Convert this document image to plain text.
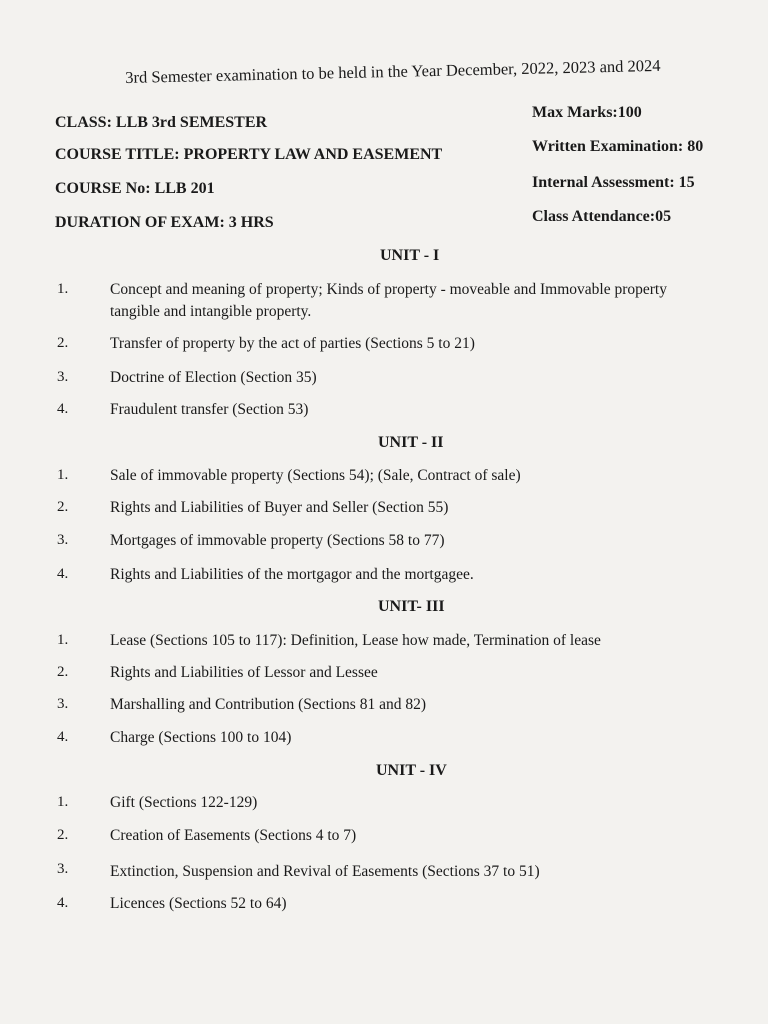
3rd Semester examination to be held in the Year December, 2022, 2023 and 2024
CLASS: LLB 3rd SEMESTER
COURSE TITLE: PROPERTY LAW AND EASEMENT
COURSE No: LLB 201
DURATION OF EXAM: 3 HRS
Max Marks:100
Written Examination: 80
Internal Assessment: 15
Class Attendance:05
UNIT - I
1.	Concept and meaning of property; Kinds of property - moveable and Immovable property
tangible and intangible property.
2.	Transfer of property by the act of parties (Sections 5 to 21)
3.	Doctrine of Election (Section 35)
4.	Fraudulent transfer (Section 53)
UNIT - II
1.	Sale of immovable property (Sections 54); (Sale, Contract of sale)
2.	Rights and Liabilities of Buyer and Seller (Section 55)
3.	Mortgages of immovable property (Sections 58 to 77)
4.	Rights and Liabilities of the mortgagor and the mortgagee.
UNIT- III
1.	Lease (Sections 105 to 117): Definition, Lease how made, Termination of lease
2.	Rights and Liabilities of Lessor and Lessee
3.	Marshalling and Contribution (Sections 81 and 82)
4.	Charge (Sections 100 to 104)
UNIT - IV
1.	Gift (Sections 122-129)
2.	Creation of Easements (Sections 4 to 7)
3.	Extinction, Suspension and Revival of Easements (Sections 37 to 51)
4.	Licences (Sections 52 to 64)
